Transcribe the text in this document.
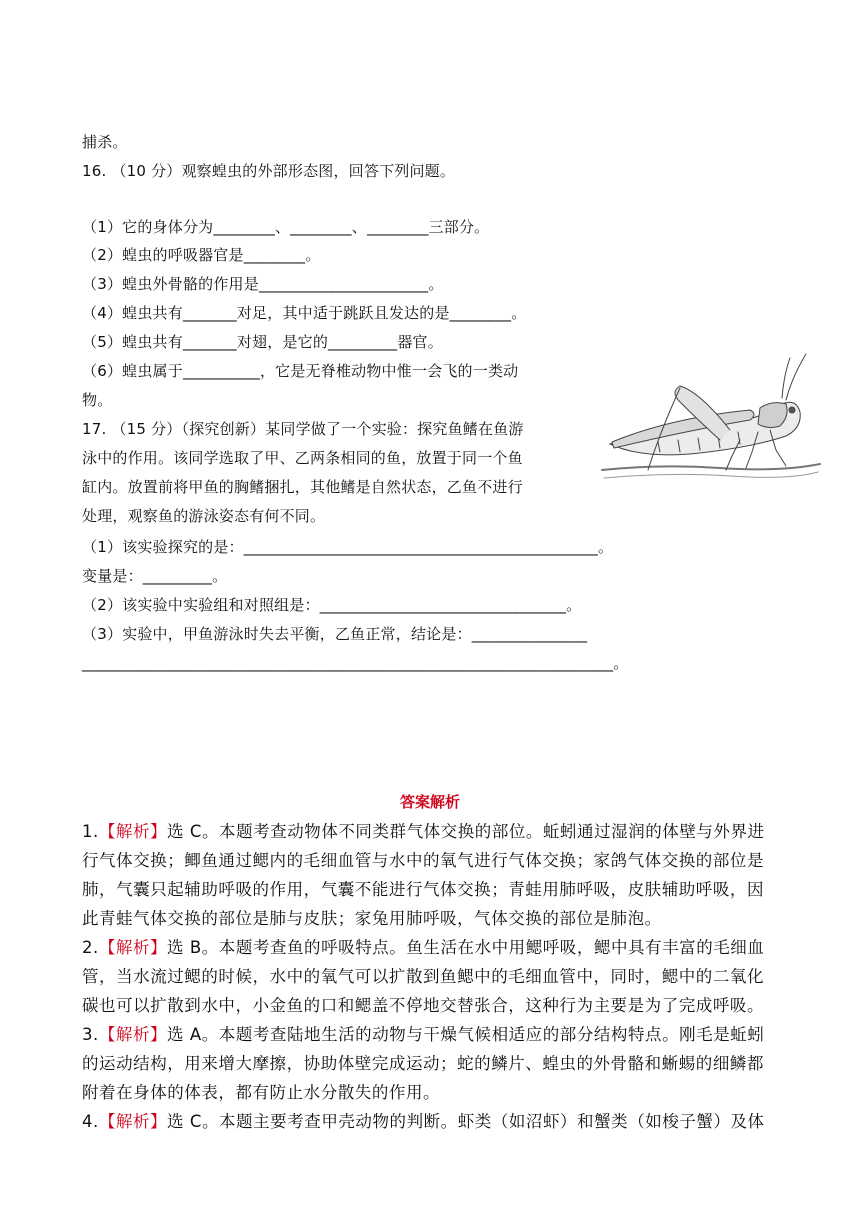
捕杀。
16. （10 分）观察蝗虫的外部形态图，回答下列问题。
（1）它的身体分为________、________、________三部分。
（2）蝗虫的呼吸器官是________。
（3）蝗虫外骨骼的作用是______________________。
（4）蝗虫共有_______对足，其中适于跳跃且发达的是________。
（5）蝗虫共有_______对翅，是它的_________器官。
（6）蝗虫属于__________，它是无脊椎动物中惟一会飞的一类动
物。
17. （15 分）（探究创新）某同学做了一个实验：探究鱼鳍在鱼游
泳中的作用。该同学选取了甲、乙两条相同的鱼，放置于同一个鱼
缸内。放置前将甲鱼的胸鳍捆扎，其他鳍是自然状态，乙鱼不进行
处理，观察鱼的游泳姿态有何不同。
（1）该实验探究的是：______________________________________________。
变量是：_________。
（2）该实验中实验组和对照组是：________________________________。
（3）实验中，甲鱼游泳时失去平衡，乙鱼正常，结论是：_______________
_____________________________________________________________________。
答案解析
1.【解析】选 C。本题考查动物体不同类群气体交换的部位。蚯蚓通过湿润的体壁与外界进
行气体交换；鲫鱼通过鳃内的毛细血管与水中的氧气进行气体交换；家鸽气体交换的部位是
肺，气囊只起辅助呼吸的作用，气囊不能进行气体交换；青蛙用肺呼吸，皮肤辅助呼吸，因
此青蛙气体交换的部位是肺与皮肤；家兔用肺呼吸，气体交换的部位是肺泡。
2.【解析】选 B。本题考查鱼的呼吸特点。鱼生活在水中用鳃呼吸，鳃中具有丰富的毛细血
管，当水流过鳃的时候，水中的氧气可以扩散到鱼鳃中的毛细血管中，同时，鳃中的二氧化
碳也可以扩散到水中，小金鱼的口和鳃盖不停地交替张合，这种行为主要是为了完成呼吸。
3.【解析】选 A。本题考查陆地生活的动物与干燥气候相适应的部分结构特点。刚毛是蚯蚓
的运动结构，用来增大摩擦，协助体壁完成运动；蛇的鳞片、蝗虫的外骨骼和蜥蜴的细鳞都
附着在身体的体表，都有防止水分散失的作用。
4.【解析】选 C。本题主要考查甲壳动物的判断。虾类（如沼虾）和蟹类（如梭子蟹）及体
